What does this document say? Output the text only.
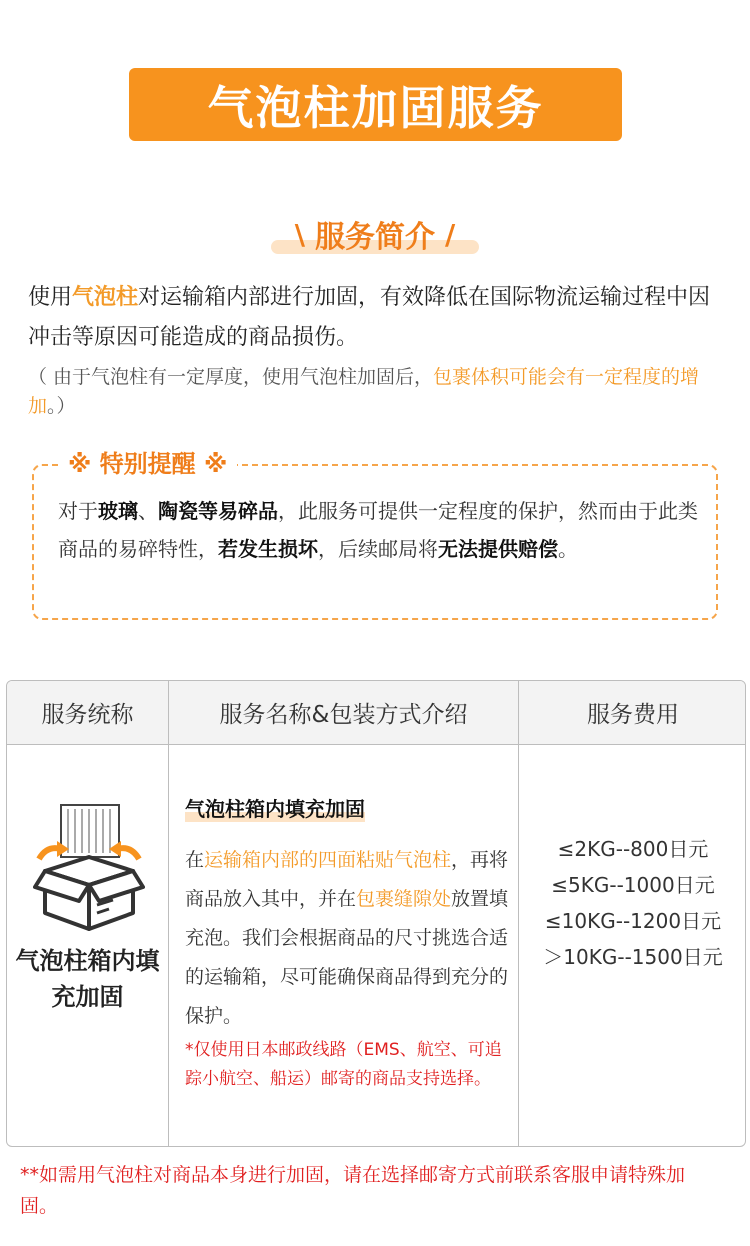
气泡柱加固服务
\ 服务简介 /
使用气泡柱对运输箱内部进行加固，有效降低在国际物流运输过程中因冲击等原因可能造成的商品损伤。
（ 由于气泡柱有一定厚度，使用气泡柱加固后，包裹体积可能会有一定程度的增加。）
※ 特别提醒 ※
对于玻璃、陶瓷等易碎品，此服务可提供一定程度的保护，然而由于此类商品的易碎特性，若发生损坏，后续邮局将无法提供赔偿。
服务统称	服务名称&包装方式介绍	服务费用
气泡柱箱内填充加固
气泡柱箱内填充加固
在运输箱内部的四面粘贴气泡柱，再将商品放入其中，并在包裹缝隙处放置填充泡。我们会根据商品的尺寸挑选合适的运输箱，尽可能确保商品得到充分的保护。
*仅使用日本邮政线路（EMS、航空、可追踪小航空、船运）邮寄的商品支持选择。
≤2KG--800日元
≤5KG--1000日元
≤10KG--1200日元
＞10KG--1500日元
**如需用气泡柱对商品本身进行加固，请在选择邮寄方式前联系客服申请特殊加固。
